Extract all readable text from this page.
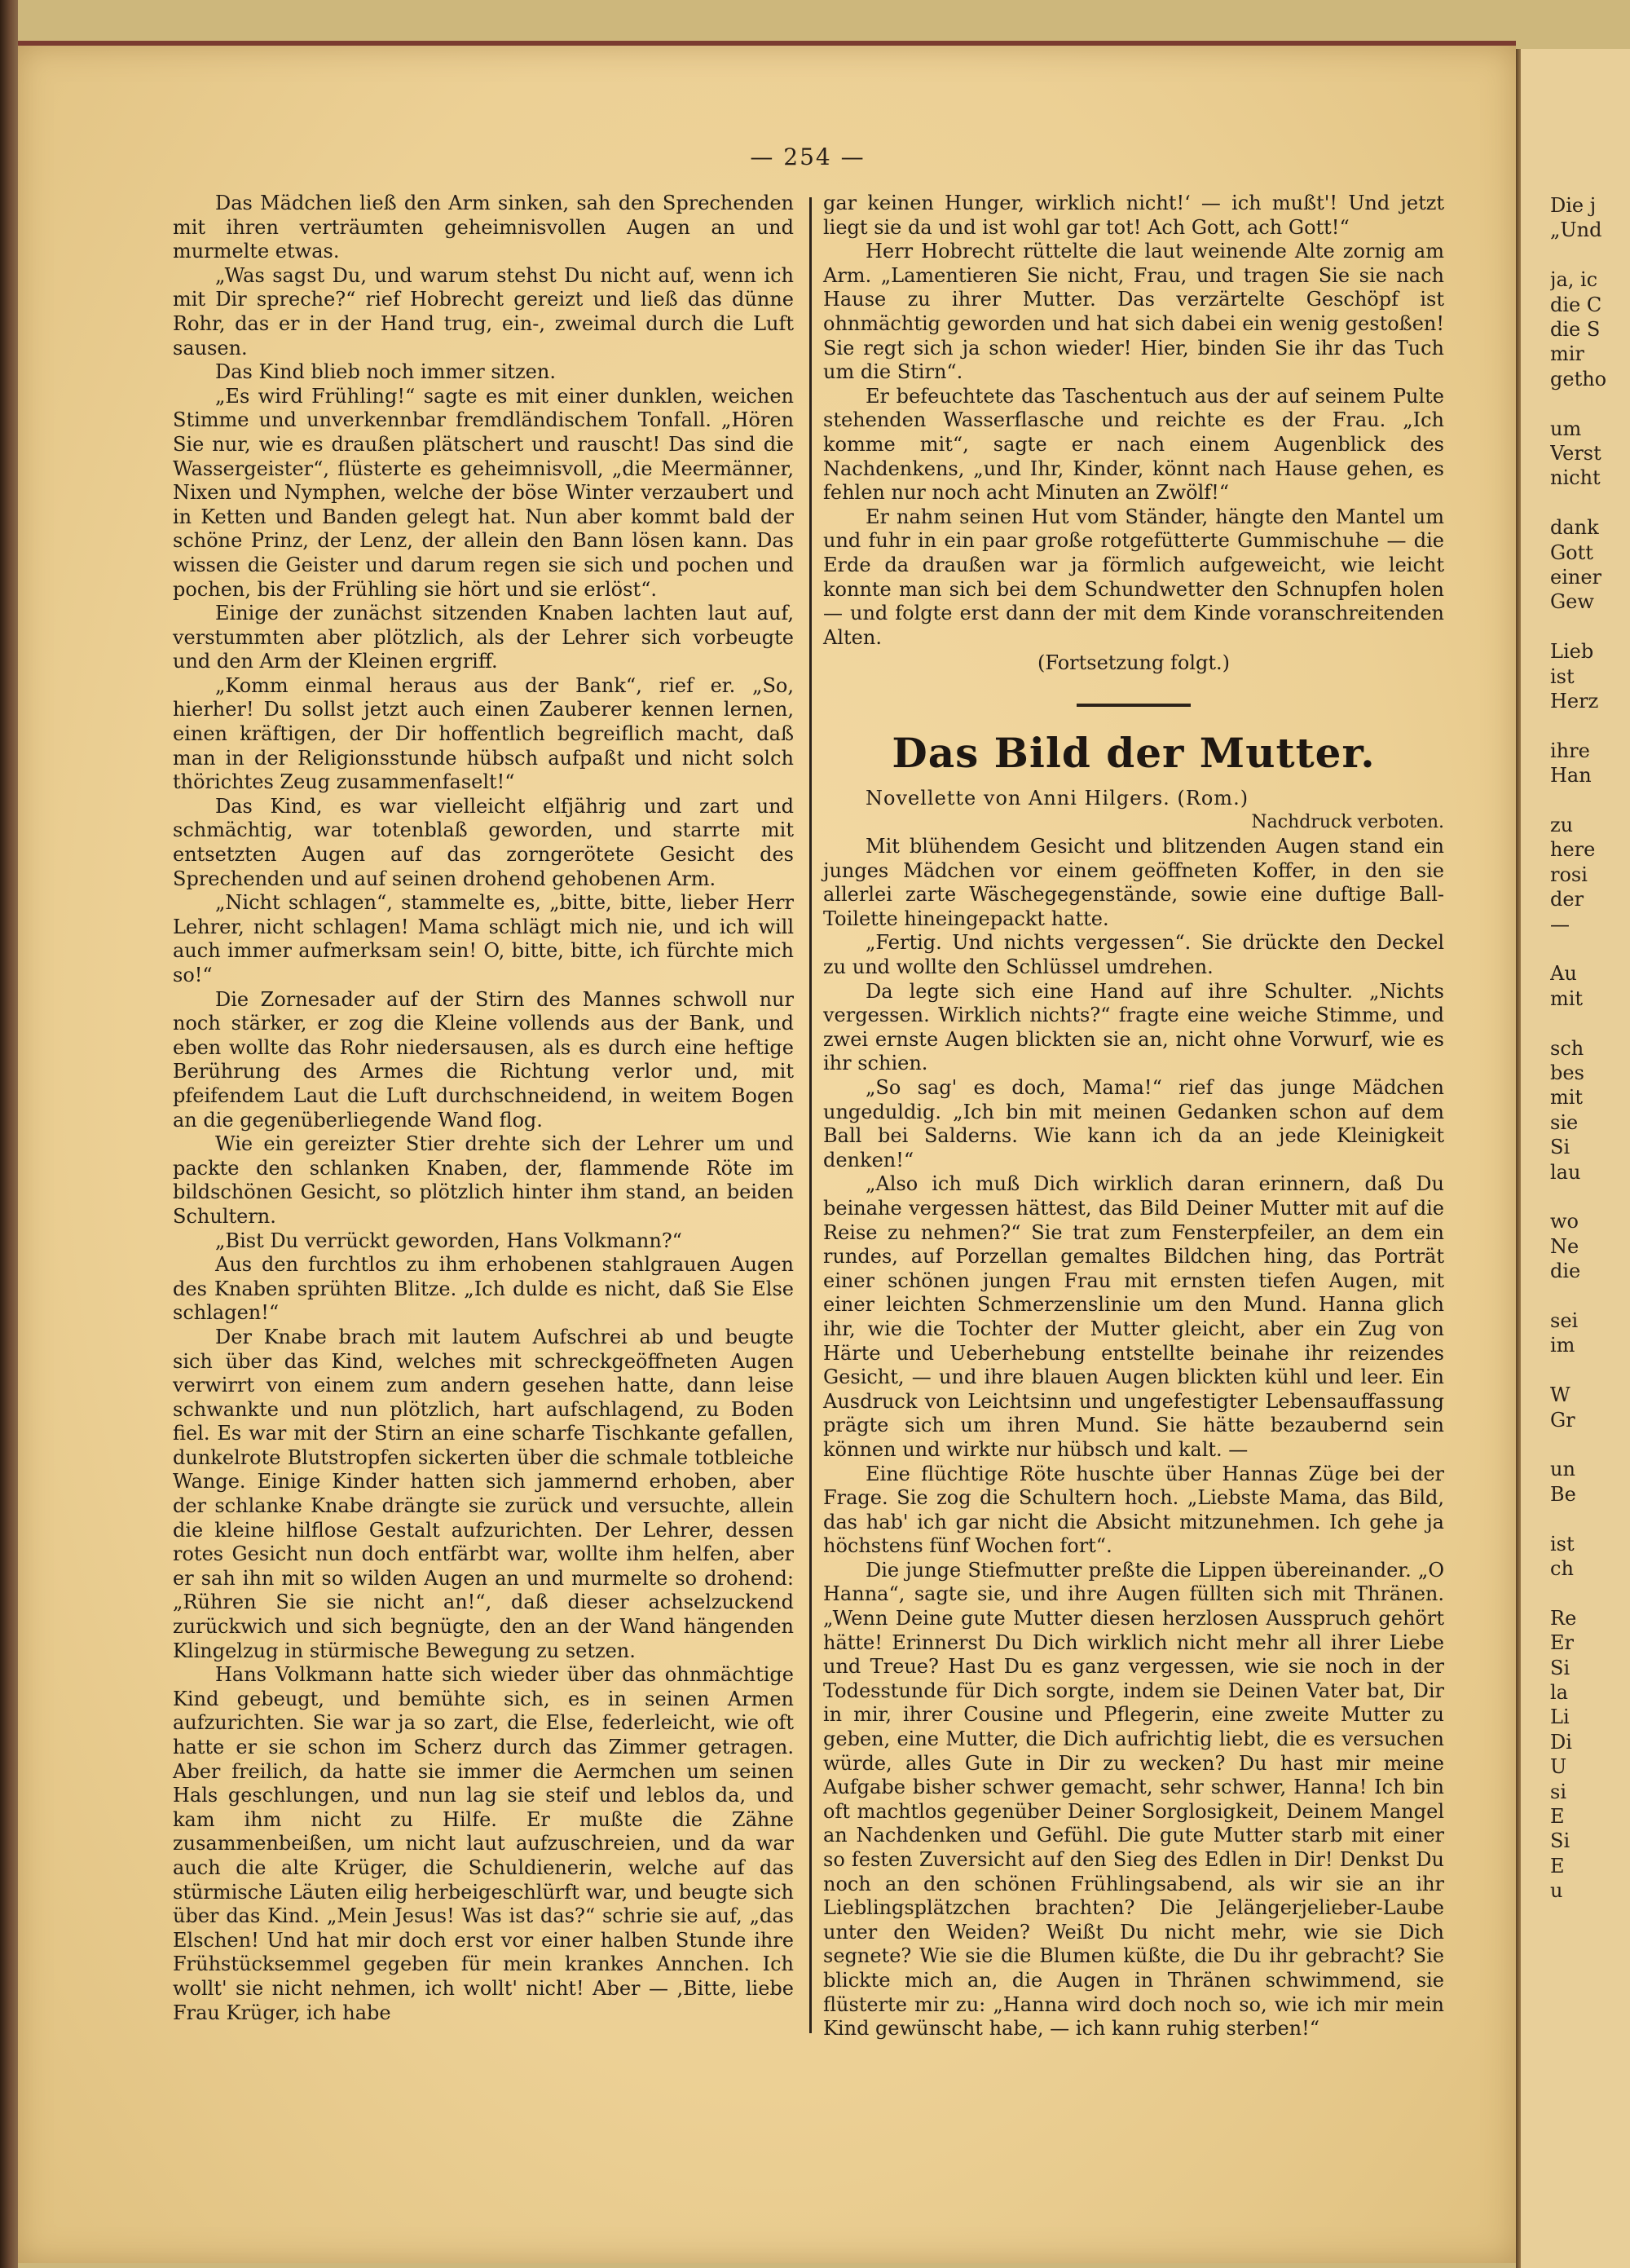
— 254 —

Das Mädchen ließ den Arm sinken, sah den Sprechenden mit ihren verträumten geheimnisvollen Augen an und murmelte etwas.

„Was sagst Du, und warum stehst Du nicht auf, wenn ich mit Dir spreche?“ rief Hobrecht gereizt und ließ das dünne Rohr, das er in der Hand trug, ein-, zweimal durch die Luft sausen.

Das Kind blieb noch immer sitzen.

„Es wird Frühling!“ sagte es mit einer dunklen, weichen Stimme und unverkennbar fremdländischem Tonfall. „Hören Sie nur, wie es draußen plätschert und rauscht! Das sind die Wassergeister“, flüsterte es geheimnisvoll, „die Meermänner, Nixen und Nymphen, welche der böse Winter verzaubert und in Ketten und Banden gelegt hat. Nun aber kommt bald der schöne Prinz, der Lenz, der allein den Bann lösen kann. Das wissen die Geister und darum regen sie sich und pochen und pochen, bis der Frühling sie hört und sie erlöst“.

Einige der zunächst sitzenden Knaben lachten laut auf, verstummten aber plötzlich, als der Lehrer sich vorbeugte und den Arm der Kleinen ergriff.

„Komm einmal heraus aus der Bank“, rief er. „So, hierher! Du sollst jetzt auch einen Zauberer kennen lernen, einen kräftigen, der Dir hoffentlich begreiflich macht, daß man in der Religionsstunde hübsch aufpaßt und nicht solch thörichtes Zeug zusammenfaselt!“

Das Kind, es war vielleicht elfjährig und zart und schmächtig, war totenblaß geworden, und starrte mit entsetzten Augen auf das zorngerötete Gesicht des Sprechenden und auf seinen drohend gehobenen Arm.

„Nicht schlagen“, stammelte es, „bitte, bitte, lieber Herr Lehrer, nicht schlagen! Mama schlägt mich nie, und ich will auch immer aufmerksam sein! O, bitte, bitte, ich fürchte mich so!“

Die Zornesader auf der Stirn des Mannes schwoll nur noch stärker, er zog die Kleine vollends aus der Bank, und eben wollte das Rohr niedersausen, als es durch eine heftige Berührung des Armes die Richtung verlor und, mit pfeifendem Laut die Luft durchschneidend, in weitem Bogen an die gegenüberliegende Wand flog.

Wie ein gereizter Stier drehte sich der Lehrer um und packte den schlanken Knaben, der, flammende Röte im bildschönen Gesicht, so plötzlich hinter ihm stand, an beiden Schultern.

„Bist Du verrückt geworden, Hans Volkmann?“

Aus den furchtlos zu ihm erhobenen stahlgrauen Augen des Knaben sprühten Blitze. „Ich dulde es nicht, daß Sie Else schlagen!“

Der Knabe brach mit lautem Aufschrei ab und beugte sich über das Kind, welches mit schreckgeöffneten Augen verwirrt von einem zum andern gesehen hatte, dann leise schwankte und nun plötzlich, hart aufschlagend, zu Boden fiel. Es war mit der Stirn an eine scharfe Tischkante gefallen, dunkelrote Blutstropfen sickerten über die schmale totbleiche Wange. Einige Kinder hatten sich jammernd erhoben, aber der schlanke Knabe drängte sie zurück und versuchte, allein die kleine hilflose Gestalt aufzurichten. Der Lehrer, dessen rotes Gesicht nun doch entfärbt war, wollte ihm helfen, aber er sah ihn mit so wilden Augen an und murmelte so drohend: „Rühren Sie sie nicht an!“, daß dieser achselzuckend zurückwich und sich begnügte, den an der Wand hängenden Klingelzug in stürmische Bewegung zu setzen.

Hans Volkmann hatte sich wieder über das ohnmächtige Kind gebeugt, und bemühte sich, es in seinen Armen aufzurichten. Sie war ja so zart, die Else, federleicht, wie oft hatte er sie schon im Scherz durch das Zimmer getragen. Aber freilich, da hatte sie immer die Aermchen um seinen Hals geschlungen, und nun lag sie steif und leblos da, und kam ihm nicht zu Hilfe. Er mußte die Zähne zusammenbeißen, um nicht laut aufzuschreien, und da war auch die alte Krüger, die Schuldienerin, welche auf das stürmische Läuten eilig herbeigeschlürft war, und beugte sich über das Kind. „Mein Jesus! Was ist das?“ schrie sie auf, „das Elschen! Und hat mir doch erst vor einer halben Stunde ihre Frühstücksemmel gegeben für mein krankes Annchen. Ich wollt' sie nicht nehmen, ich wollt' nicht! Aber — ‚Bitte, liebe Frau Krüger, ich habe

gar keinen Hunger, wirklich nicht!‘ — ich mußt'! Und jetzt liegt sie da und ist wohl gar tot! Ach Gott, ach Gott!“

Herr Hobrecht rüttelte die laut weinende Alte zornig am Arm. „Lamentieren Sie nicht, Frau, und tragen Sie sie nach Hause zu ihrer Mutter. Das verzärtelte Geschöpf ist ohnmächtig geworden und hat sich dabei ein wenig gestoßen! Sie regt sich ja schon wieder! Hier, binden Sie ihr das Tuch um die Stirn“.

Er befeuchtete das Taschentuch aus der auf seinem Pulte stehenden Wasserflasche und reichte es der Frau. „Ich komme mit“, sagte er nach einem Augenblick des Nachdenkens, „und Ihr, Kinder, könnt nach Hause gehen, es fehlen nur noch acht Minuten an Zwölf!“

Er nahm seinen Hut vom Ständer, hängte den Mantel um und fuhr in ein paar große rotgefütterte Gummischuhe — die Erde da draußen war ja förmlich aufgeweicht, wie leicht konnte man sich bei dem Schundwetter den Schnupfen holen — und folgte erst dann der mit dem Kinde voranschreitenden Alten.

(Fortsetzung folgt.)

Das Bild der Mutter.

Novellette von Anni Hilgers. (Rom.)

Nachdruck verboten.

Mit blühendem Gesicht und blitzenden Augen stand ein junges Mädchen vor einem geöffneten Koffer, in den sie allerlei zarte Wäschegegenstände, sowie eine duftige Ball-Toilette hineingepackt hatte.

„Fertig. Und nichts vergessen“. Sie drückte den Deckel zu und wollte den Schlüssel umdrehen.

Da legte sich eine Hand auf ihre Schulter. „Nichts vergessen. Wirklich nichts?“ fragte eine weiche Stimme, und zwei ernste Augen blickten sie an, nicht ohne Vorwurf, wie es ihr schien.

„So sag' es doch, Mama!“ rief das junge Mädchen ungeduldig. „Ich bin mit meinen Gedanken schon auf dem Ball bei Salderns. Wie kann ich da an jede Kleinigkeit denken!“

„Also ich muß Dich wirklich daran erinnern, daß Du beinahe vergessen hättest, das Bild Deiner Mutter mit auf die Reise zu nehmen?“ Sie trat zum Fensterpfeiler, an dem ein rundes, auf Porzellan gemaltes Bildchen hing, das Porträt einer schönen jungen Frau mit ernsten tiefen Augen, mit einer leichten Schmerzenslinie um den Mund. Hanna glich ihr, wie die Tochter der Mutter gleicht, aber ein Zug von Härte und Ueberhebung entstellte beinahe ihr reizendes Gesicht, — und ihre blauen Augen blickten kühl und leer. Ein Ausdruck von Leichtsinn und ungefestigter Lebensauffassung prägte sich um ihren Mund. Sie hätte bezaubernd sein können und wirkte nur hübsch und kalt. —

Eine flüchtige Röte huschte über Hannas Züge bei der Frage. Sie zog die Schultern hoch. „Liebste Mama, das Bild, das hab' ich gar nicht die Absicht mitzunehmen. Ich gehe ja höchstens fünf Wochen fort“.

Die junge Stiefmutter preßte die Lippen übereinander. „O Hanna“, sagte sie, und ihre Augen füllten sich mit Thränen. „Wenn Deine gute Mutter diesen herzlosen Ausspruch gehört hätte! Erinnerst Du Dich wirklich nicht mehr all ihrer Liebe und Treue? Hast Du es ganz vergessen, wie sie noch in der Todesstunde für Dich sorgte, indem sie Deinen Vater bat, Dir in mir, ihrer Cousine und Pflegerin, eine zweite Mutter zu geben, eine Mutter, die Dich aufrichtig liebt, die es versuchen würde, alles Gute in Dir zu wecken? Du hast mir meine Aufgabe bisher schwer gemacht, sehr schwer, Hanna! Ich bin oft machtlos gegenüber Deiner Sorglosigkeit, Deinem Mangel an Nachdenken und Gefühl. Die gute Mutter starb mit einer so festen Zuversicht auf den Sieg des Edlen in Dir! Denkst Du noch an den schönen Frühlingsabend, als wir sie an ihr Lieblingsplätzchen brachten? Die Jelängerjelieber-Laube unter den Weiden? Weißt Du nicht mehr, wie sie Dich segnete? Wie sie die Blumen küßte, die Du ihr gebracht? Sie blickte mich an, die Augen in Thränen schwimmend, sie flüsterte mir zu: „Hanna wird doch noch so, wie ich mir mein Kind gewünscht habe, — ich kann ruhig sterben!“

Die j
„Und
ja, ic
die C
die S
mir
getho
um
Verst
nicht
dank
Gott
einer
Gew
Lieb
ist
Herz
ihre
Han
zu
here
rosi
der
—
Au
mit
sch
bes
mit
sie
Si
lau
wo
Ne
die
sei
im
W
Gr
un
Be
ist
ch
Re
Er
Si
la
Li
Di
U
si
E
Si
E
u
